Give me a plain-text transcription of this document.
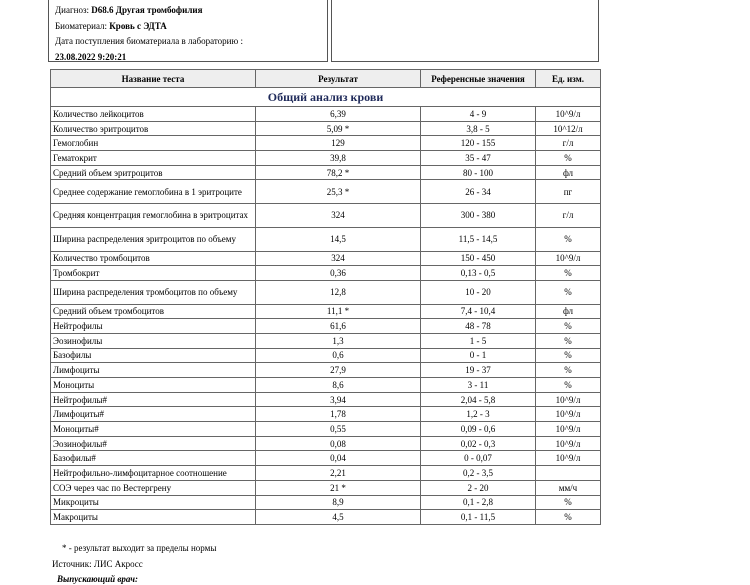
Диагноз: D68.6 Другая тромбофилия
Биоматериал: Кровь с ЭДТА
Дата поступления биоматериала в лабораторию :
23.08.2022 9:20:21
Название теста	Результат	Референсные значения	Ед. изм.
Общий анализ крови			
Количество лейкоцитов	6,39	4 - 9	10^9/л
Количество эритроцитов	5,09 *	3,8 - 5	10^12/л
Гемоглобин	129	120 - 155	г/л
Гематокрит	39,8	35 - 47	%
Средний объем эритроцитов	78,2 *	80 - 100	фл
Среднее содержание гемоглобина в 1 эритроците	25,3 *	26 - 34	пг
Средняя концентрация гемоглобина в эритроцитах	324	300 - 380	г/л
Ширина распределения эритроцитов по объему	14,5	11,5 - 14,5	%
Количество тромбоцитов	324	150 - 450	10^9/л
Тромбокрит	0,36	0,13 - 0,5	%
Ширина распределения тромбоцитов по объему	12,8	10 - 20	%
Средний объем тромбоцитов	11,1 *	7,4 - 10,4	фл
Нейтрофилы	61,6	48 - 78	%
Эозинофилы	1,3	1 - 5	%
Базофилы	0,6	0 - 1	%
Лимфоциты	27,9	19 - 37	%
Моноциты	8,6	3 - 11	%
Нейтрофилы#	3,94	2,04 - 5,8	10^9/л
Лимфоциты#	1,78	1,2 - 3	10^9/л
Моноциты#	0,55	0,09 - 0,6	10^9/л
Эозинофилы#	0,08	0,02 - 0,3	10^9/л
Базофилы#	0,04	0 - 0,07	10^9/л
Нейтрофильно-лимфоцитарное соотношение	2,21	0,2 - 3,5	
СОЭ через час по Вестергрену	21 *	2 - 20	мм/ч
Микроциты	8,9	0,1 - 2,8	%
Макроциты	4,5	0,1 - 11,5	%
* - результат выходит за пределы нормы
Источник: ЛИС Акросс
Выпускающий врач:
